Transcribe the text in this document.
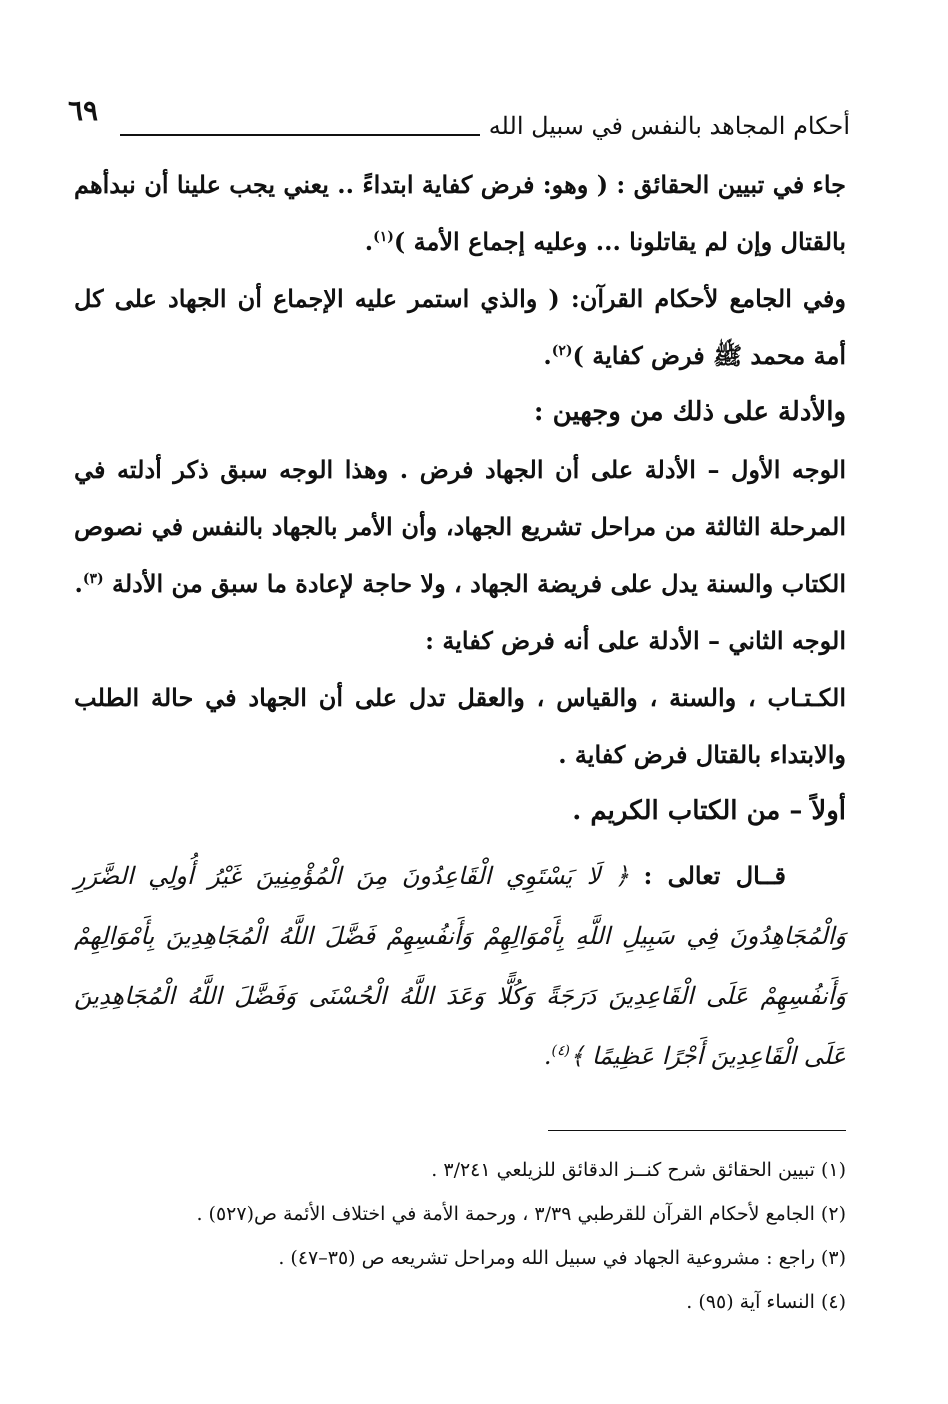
٦٩	أحكام المجاهد بالنفس في سبيل الله

جاء في تبيين الحقائق : ( وهو: فرض كفاية ابتداءً .. يعني يجب علينا أن نبدأهم بالقتال وإن لم يقاتلونا ... وعليه إجماع الأمة )$^{(١)}$.

وفي الجامع لأحكام القرآن: ( والذي استمر عليه الإجماع أن الجهاد على كل أمة محمد ﷺ فرض كفاية )$^{(٢)}$.

والأدلة على ذلك من وجهين :

الوجه الأول – الأدلة على أن الجهاد فرض . وهذا الوجه سبق ذكر أدلته في المرحلة الثالثة من مراحل تشريع الجهاد، وأن الأمر بالجهاد بالنفس في نصوص الكتاب والسنة يدل على فريضة الجهاد ، ولا حاجة لإعادة ما سبق من الأدلة $^{(٣)}$.

الوجه الثاني – الأدلة على أنه فرض كفاية :

الكـتـاب ، والسنة ، والقياس ، والعقل تدل على أن الجهاد في حالة الطلب والابتداء بالقتال فرض كفاية .

أولاً – من الكتاب الكريم .

قــال تعالى : ﴿ لَا يَسْتَوِي الْقَاعِدُونَ مِنَ الْمُؤْمِنِينَ غَيْرُ أُولِي الضَّرَرِ وَالْمُجَاهِدُونَ فِي سَبِيلِ اللَّهِ بِأَمْوَالِهِمْ وَأَنفُسِهِمْ فَضَّلَ اللَّهُ الْمُجَاهِدِينَ بِأَمْوَالِهِمْ وَأَنفُسِهِمْ عَلَى الْقَاعِدِينَ دَرَجَةً وَكُلًّا وَعَدَ اللَّهُ الْحُسْنَى وَفَضَّلَ اللَّهُ الْمُجَاهِدِينَ عَلَى الْقَاعِدِينَ أَجْرًا عَظِيمًا ﴾$^{(٤)}$.

(١) تبيين الحقائق شرح كنــز الدقائق للزيلعي ٣/٢٤١ .

(٢) الجامع لأحكام القرآن للقرطبي ٣/٣٩ ، ورحمة الأمة في اختلاف الأئمة ص(٥٢٧) .

(٣) راجع : مشروعية الجهاد في سبيل الله ومراحل تشريعه ص (٣٥–٤٧) .

(٤) النساء آية (٩٥) .
